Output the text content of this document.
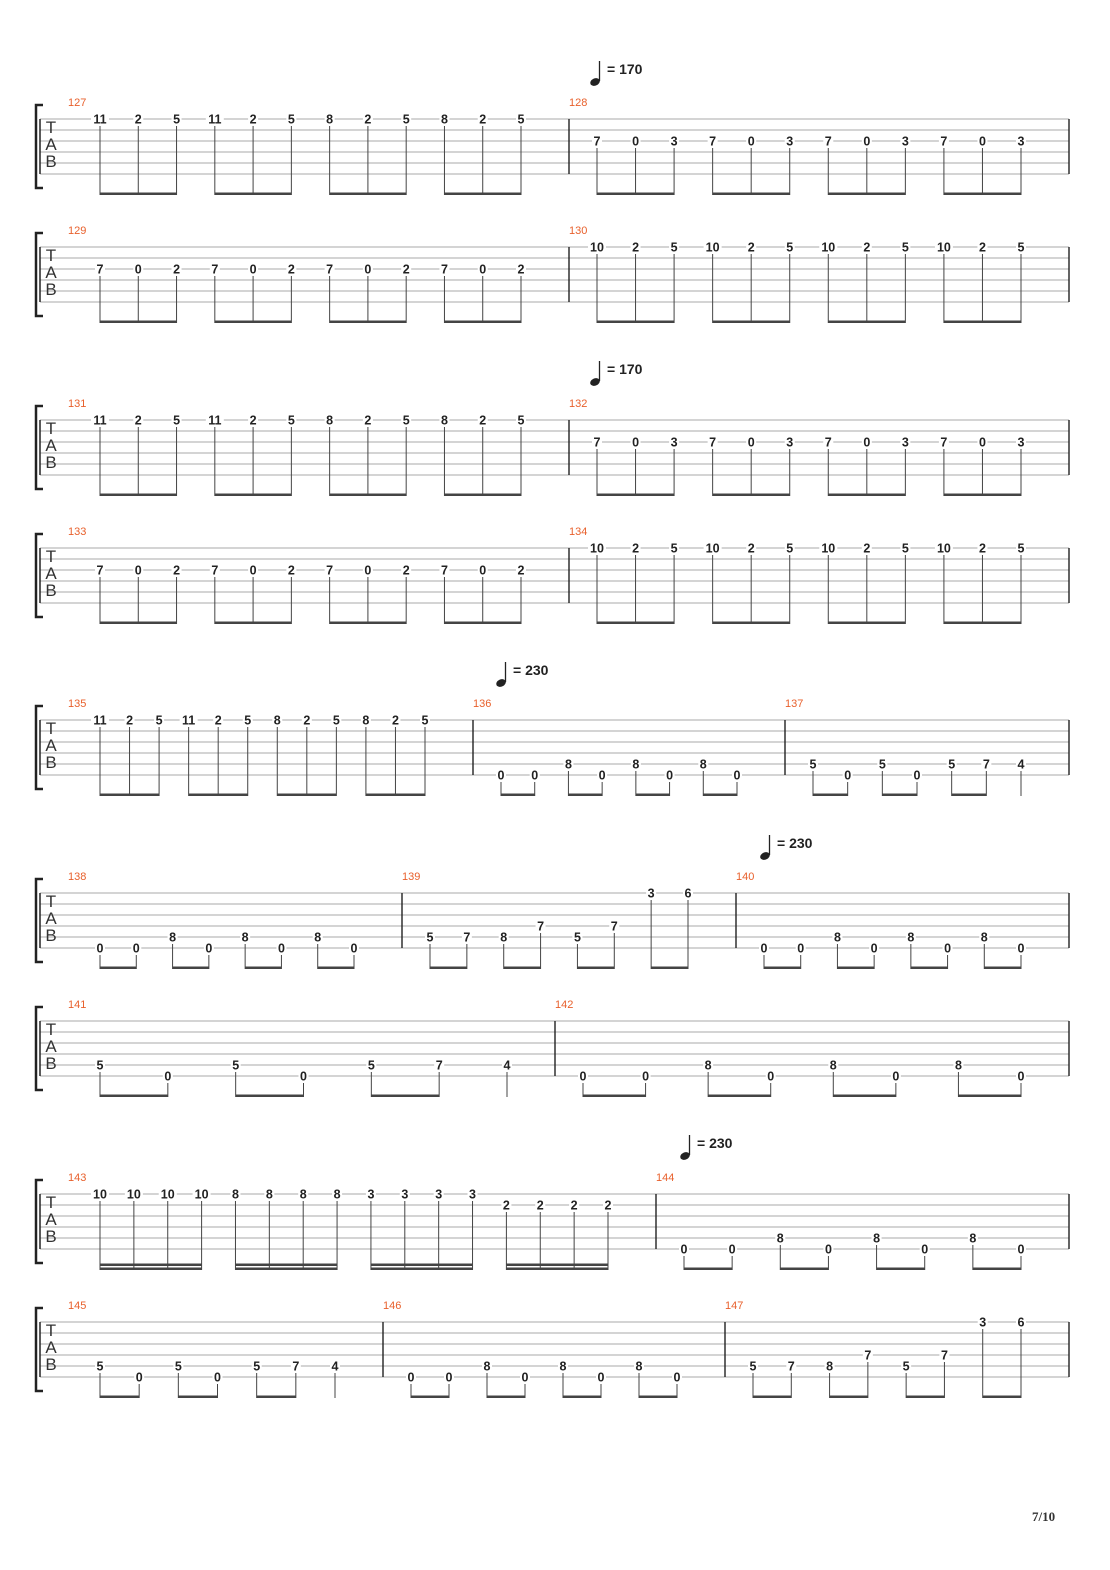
T
A
B
127
11 2	5 11 2	5	8	2	5	8	2	5
128
7	0	3	7	0	3	7	0	3	7	0	3
T
A
B
129
7	0	2	7	0	2	7	0	2	7	0	2
130
10 2	5 10 2	5 10 2	5 10 2	5
T
A
B
131
11 2	5 11 2	5	8	2	5	8	2	5
132
7	0	3	7	0	3	7	0	3	7	0	3
T
A
B
133
7	0	2	7	0	2	7	0	2	7	0	2
134
10 2	5 10 2	5 10 2	5 10 2	5
T
A
B
135
11 2 5 11 2 5 8 2 5 8 2 5
136
0 0
8
0
8
0
8
0
137
5
0
5
0
5 7 4
T
A
B
138
0 0
8
0
8
0
8
0
139
5 7 8
7
5
7
3 6
140
0 0
8
0
8
0
8
0
T
A
B
141
5
0
5
0
5	7	4
142
0	0
8
0
8
0
8
0
T
A
B
143
10 10 10 10 8 8 8 8 3 3 3 3
2 2 2 2
144
0	0
8
0
8
0
8
0
T
A
B
145
5
0
5
0
5	7	4
146
0 0
8
0
8
0
8
0
147
5	7	8
7
5
7
3	6
= 170
= 170
= 230
= 230
= 230
7/10
